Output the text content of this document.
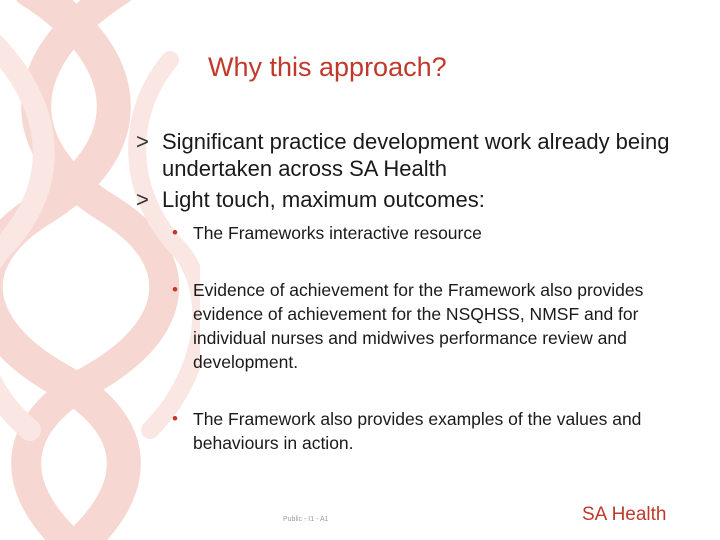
Why this approach?
> Significant practice development work already being undertaken across SA Health
> Light touch, maximum outcomes:
• The Frameworks interactive resource
• Evidence of achievement for the Framework also provides evidence of achievement for the NSQHSS, NMSF and for individual nurses and midwives performance review and development.
• The Framework also provides examples of the values and behaviours in action.
Public - I1 - A1	SA Health
